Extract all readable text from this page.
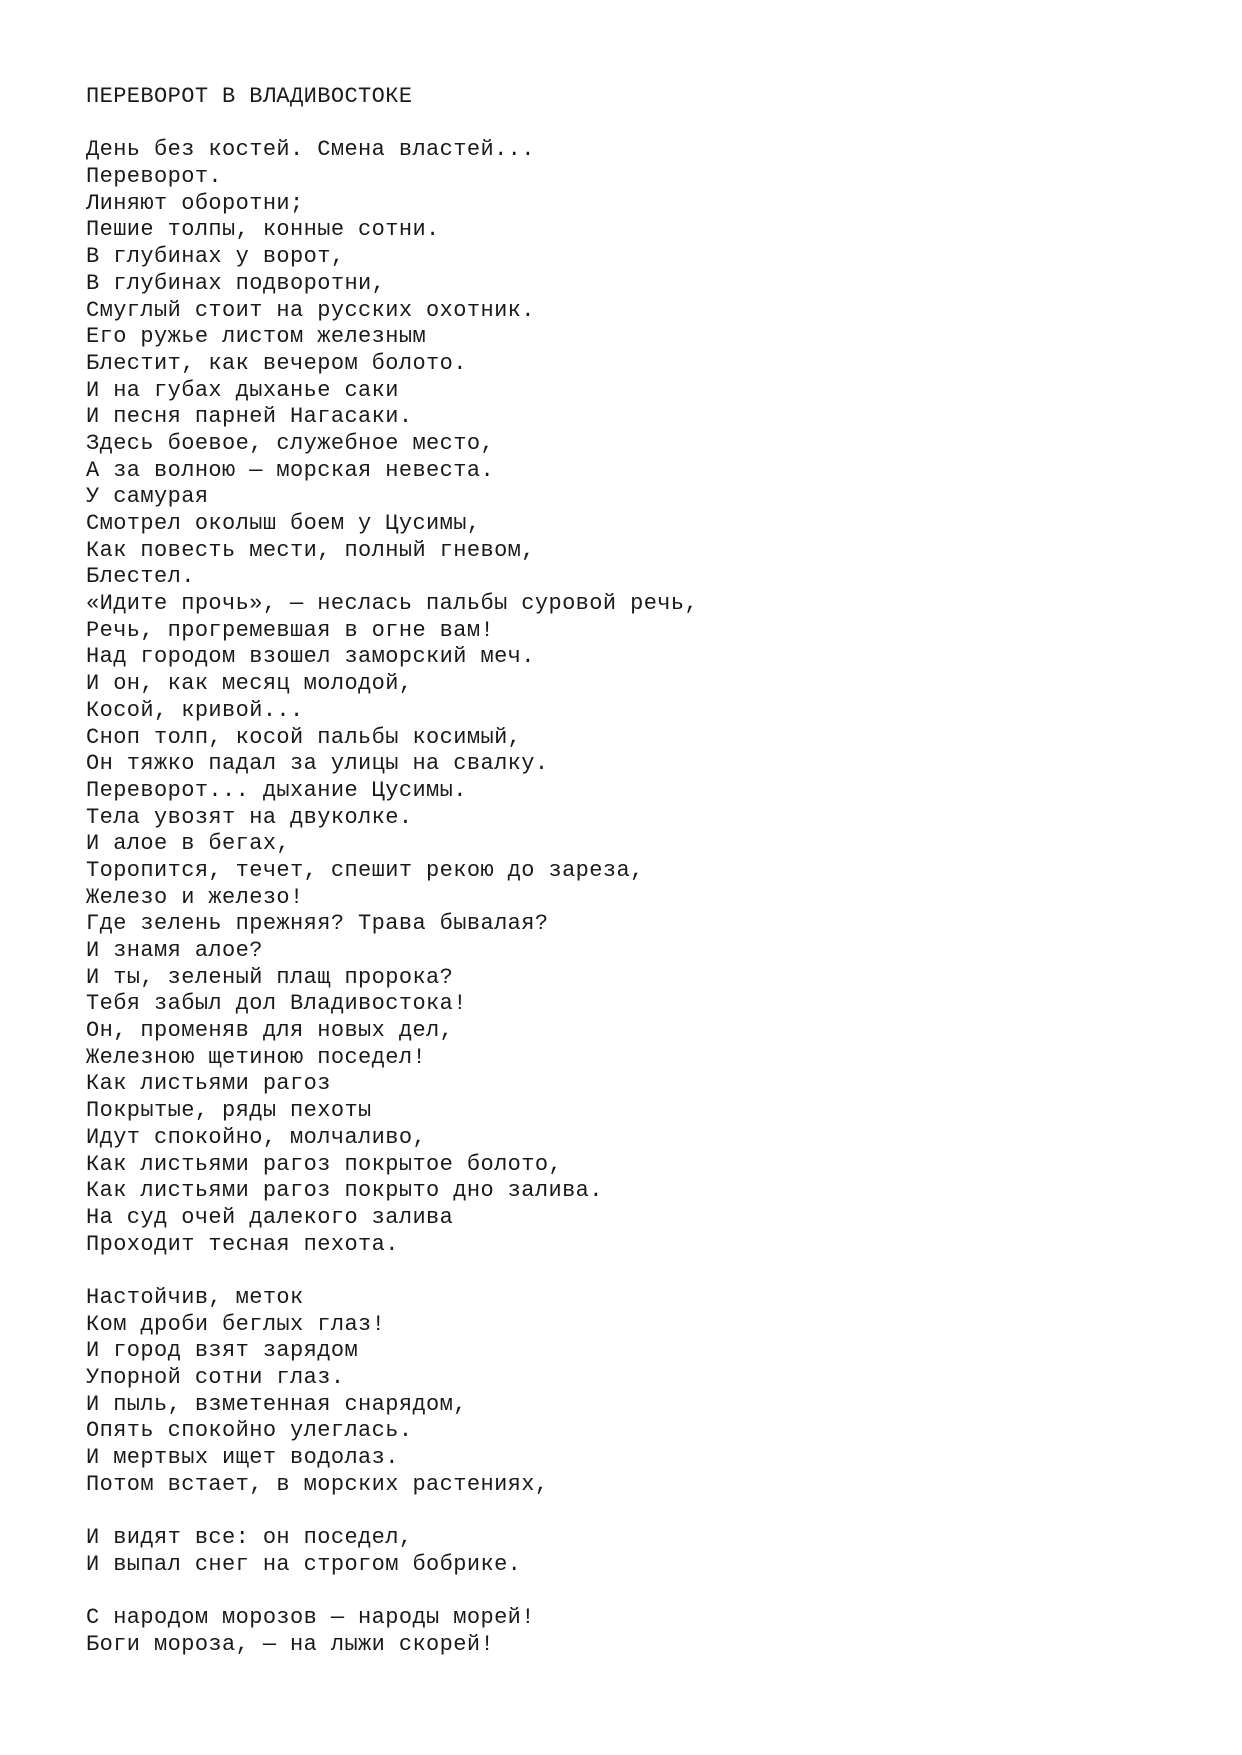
ПЕРЕВОРОТ В ВЛАДИВОСТОКЕ
День без костей. Смена властей...
Переворот.
Линяют оборотни;
Пешие толпы, конные сотни.
В глубинах у ворот,
В глубинах подворотни,
Смуглый стоит на русских охотник.
Его ружье листом железным
Блестит, как вечером болото.
И на губах дыханье саки
И песня парней Нагасаки.
Здесь боевое, служебное место,
А за волною — морская невеста.
У самурая
Смотрел околыш боем у Цусимы,
Как повесть мести, полный гневом,
Блестел.
«Идите прочь», — неслась пальбы суровой речь,
Речь, прогремевшая в огне вам!
Над городом взошел заморский меч.
И он, как месяц молодой,
Косой, кривой...
Сноп толп, косой пальбы косимый,
Он тяжко падал за улицы на свалку.
Переворот... дыхание Цусимы.
Тела увозят на двуколке.
И алое в бегах,
Торопится, течет, спешит рекою до зареза,
Железо и железо!
Где зелень прежняя? Трава бывалая?
И знамя алое?
И ты, зеленый плащ пророка?
Тебя забыл дол Владивостока!
Он, променяв для новых дел,
Железною щетиною поседел!
Как листьями рагоз
Покрытые, ряды пехоты
Идут спокойно, молчаливо,
Как листьями рагоз покрытое болото,
Как листьями рагоз покрыто дно залива.
На суд очей далекого залива
Проходит тесная пехота.
Настойчив, меток
Ком дроби беглых глаз!
И город взят зарядом
Упорной сотни глаз.
И пыль, взметенная снарядом,
Опять спокойно улеглась.
И мертвых ищет водолаз.
Потом встает, в морских растениях,
И видят все: он поседел,
И выпал снег на строгом бобрике.
С народом морозов — народы морей!
Боги мороза, — на лыжи скорей!
